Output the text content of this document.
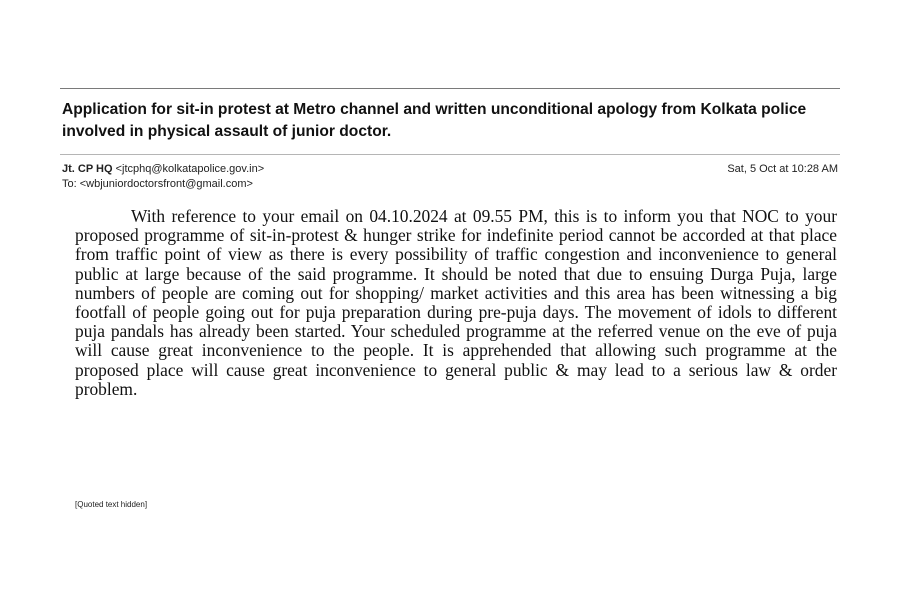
Application for sit-in protest at Metro channel and written unconditional apology from Kolkata police involved in physical assault of junior doctor.
Jt. CP HQ <jtcphq@kolkatapolice.gov.in>
To: <wbjuniordoctorsfront@gmail.com>
Sat, 5 Oct at 10:28 AM

With reference to your email on 04.10.2024 at 09.55 PM, this is to inform you that NOC to your proposed programme of sit-in-protest & hunger strike for indefinite period cannot be accorded at that place from traffic point of view as there is every possibility of traffic congestion and inconvenience to general public at large because of the said programme. It should be noted that due to ensuing Durga Puja, large numbers of people are coming out for shopping/ market activities and this area has been witnessing a big footfall of people going out for puja preparation during pre-puja days. The movement of idols to different puja pandals has already been started. Your scheduled programme at the referred venue on the eve of puja will cause great inconvenience to the people. It is apprehended that allowing such programme at the proposed place will cause great inconvenience to general public & may lead to a serious law & order problem.

[Quoted text hidden]
